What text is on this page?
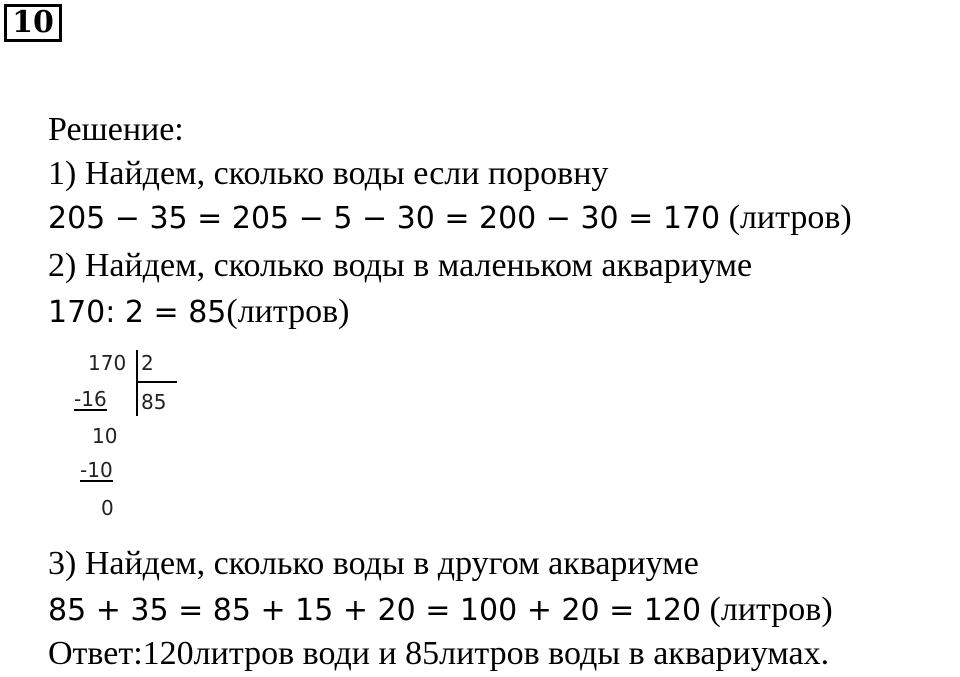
10
Решение:
1) Найдем, сколько воды если поровну
205 − 35 = 205 − 5 − 30 = 200 − 30 = 170 (литров)
2) Найдем, сколько воды в маленьком аквариуме
170: 2 = 85(литров)
170 2
-16 85
10
-10
0
3) Найдем, сколько воды в другом аквариуме
85 + 35 = 85 + 15 + 20 = 100 + 20 = 120 (литров)
Ответ:120литров води и 85литров воды в аквариумах.
